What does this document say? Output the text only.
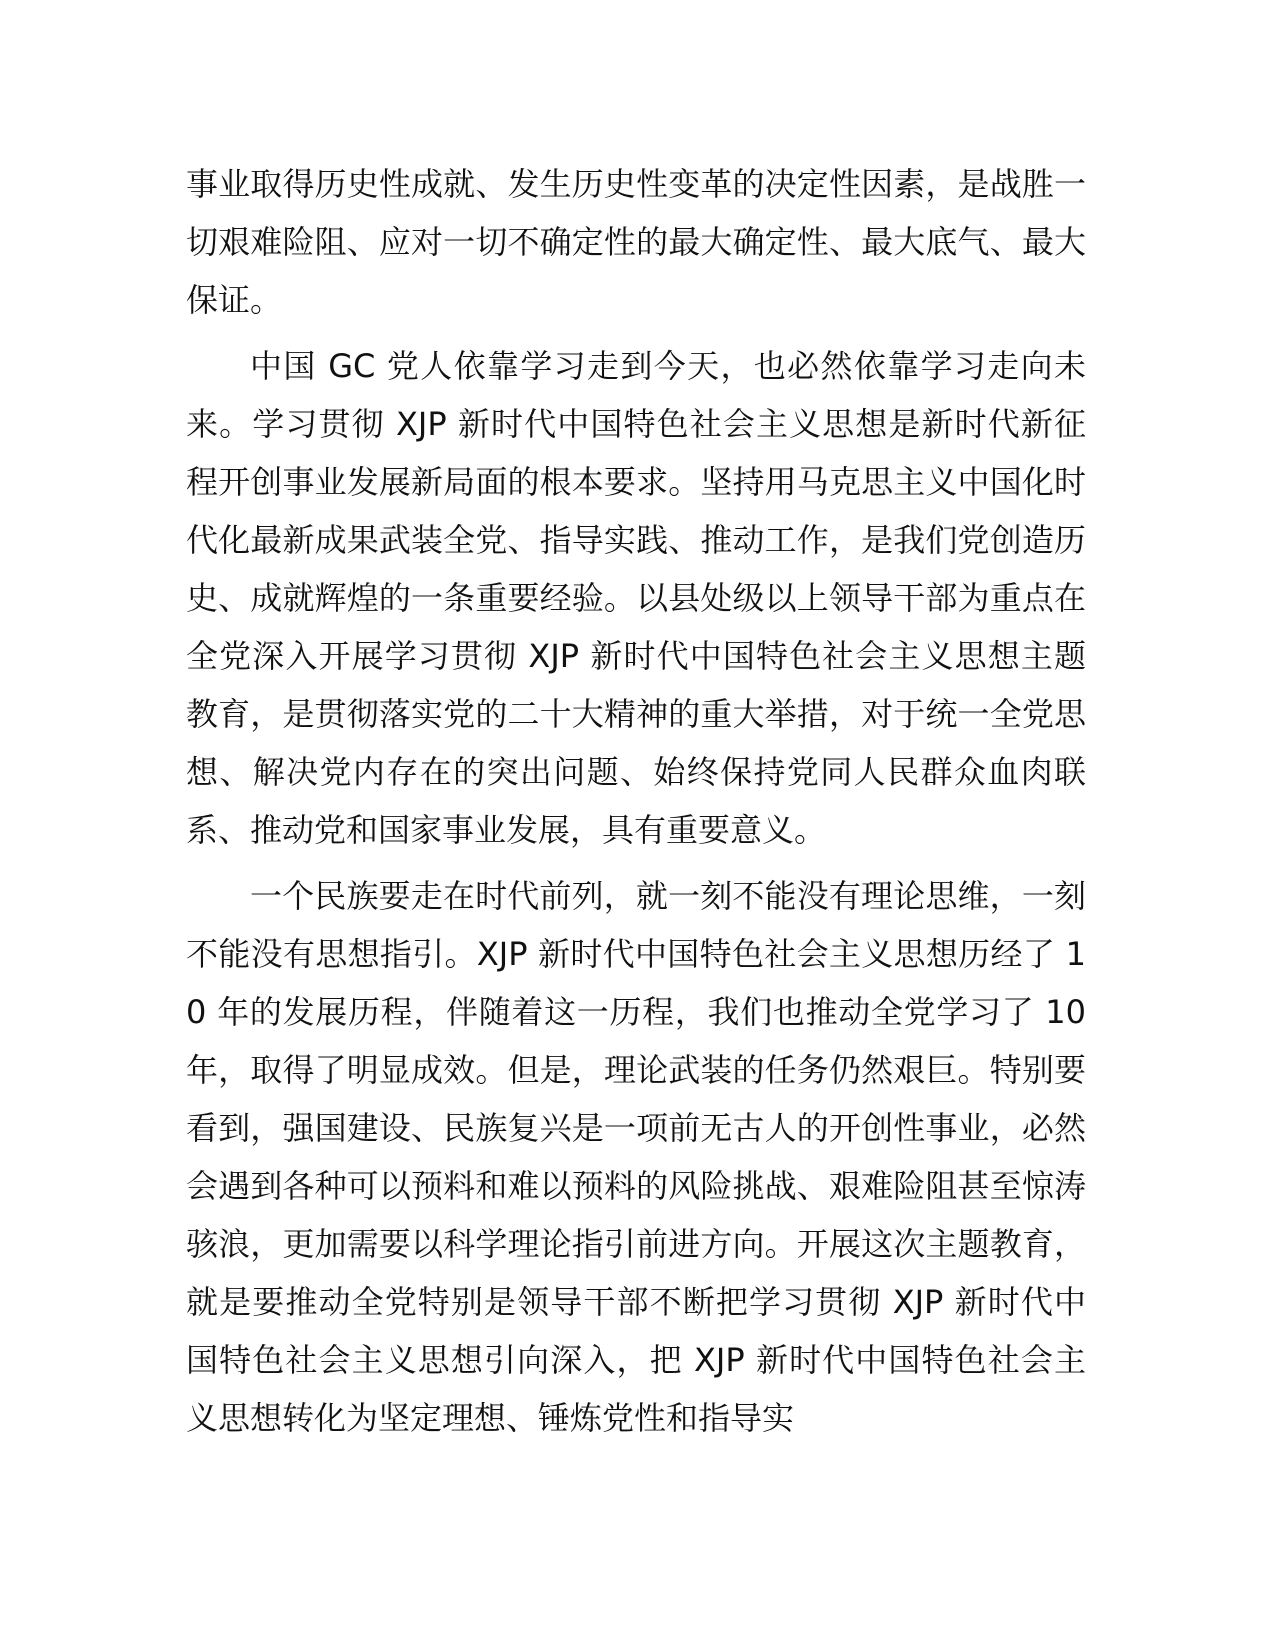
事业取得历史性成就、发生历史性变革的决定性因素，是战胜一切艰难险阻、应对一切不确定性的最大确定性、最大底气、最大保证。

中国 GC 党人依靠学习走到今天，也必然依靠学习走向未来。学习贯彻 XJP 新时代中国特色社会主义思想是新时代新征程开创事业发展新局面的根本要求。坚持用马克思主义中国化时代化最新成果武装全党、指导实践、推动工作，是我们党创造历史、成就辉煌的一条重要经验。以县处级以上领导干部为重点在全党深入开展学习贯彻 XJP 新时代中国特色社会主义思想主题教育，是贯彻落实党的二十大精神的重大举措，对于统一全党思想、解决党内存在的突出问题、始终保持党同人民群众血肉联系、推动党和国家事业发展，具有重要意义。

一个民族要走在时代前列，就一刻不能没有理论思维，一刻不能没有思想指引。XJP 新时代中国特色社会主义思想历经了 10 年的发展历程，伴随着这一历程，我们也推动全党学习了 10 年，取得了明显成效。但是，理论武装的任务仍然艰巨。特别要看到，强国建设、民族复兴是一项前无古人的开创性事业，必然会遇到各种可以预料和难以预料的风险挑战、艰难险阻甚至惊涛骇浪，更加需要以科学理论指引前进方向。开展这次主题教育，就是要推动全党特别是领导干部不断把学习贯彻 XJP 新时代中国特色社会主义思想引向深入，把 XJP 新时代中国特色社会主义思想转化为坚定理想、锤炼党性和指导实
